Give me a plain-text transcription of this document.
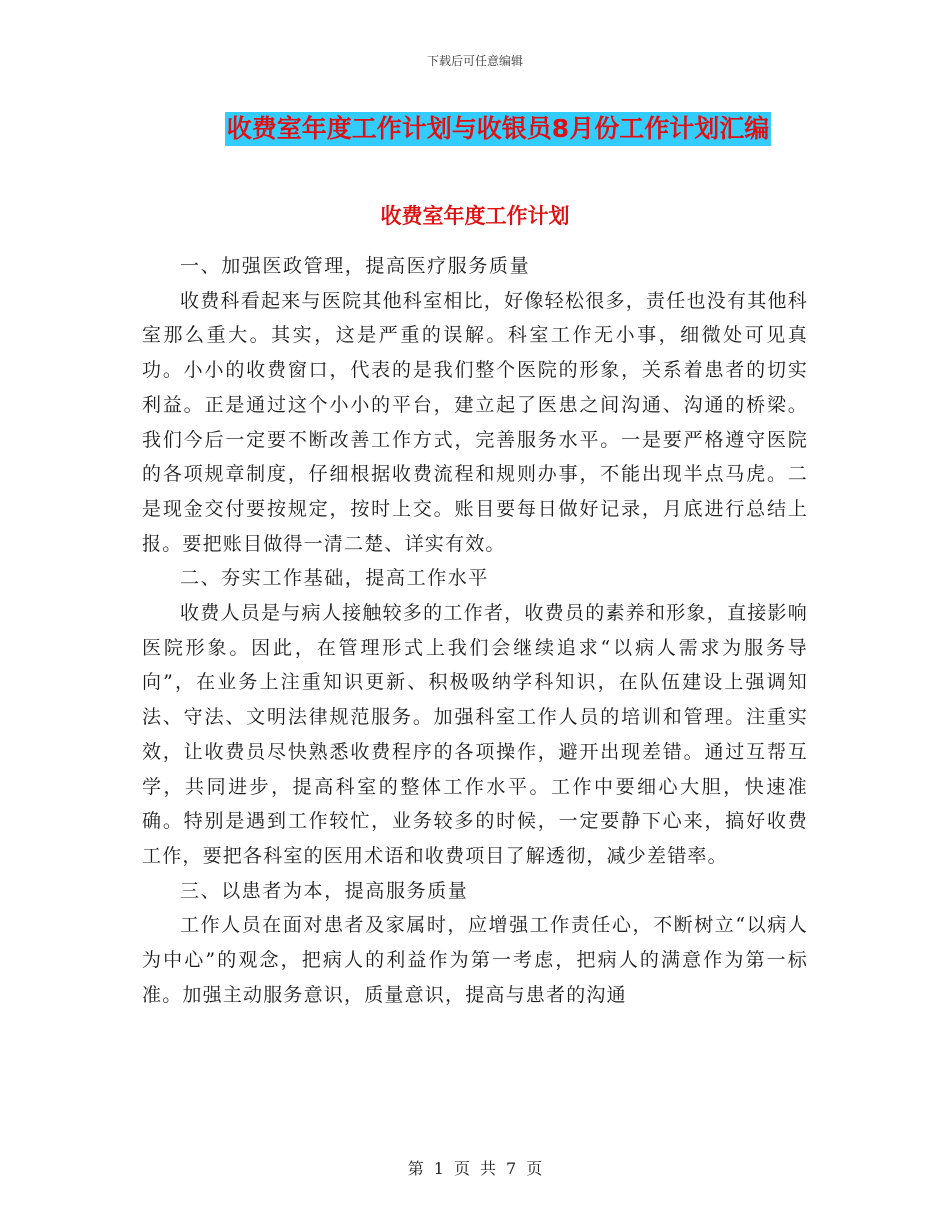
下载后可任意编辑
收费室年度工作计划与收银员8月份工作计划汇编
收费室年度工作计划

一、加强医政管理，提高医疗服务质量

收费科看起来与医院其他科室相比，好像轻松很多，责任也没有其他科室那么重大。其实，这是严重的误解。科室工作无小事，细微处可见真功。小小的收费窗口，代表的是我们整个医院的形象，关系着患者的切实利益。正是通过这个小小的平台，建立起了医患之间沟通、沟通的桥梁。我们今后一定要不断改善工作方式，完善服务水平。一是要严格遵守医院的各项规章制度，仔细根据收费流程和规则办事，不能出现半点马虎。二是现金交付要按规定，按时上交。账目要每日做好记录，月底进行总结上报。要把账目做得一清二楚、详实有效。

二、夯实工作基础，提高工作水平

收费人员是与病人接触较多的工作者，收费员的素养和形象，直接影响医院形象。因此，在管理形式上我们会继续追求“以病人需求为服务导向”，在业务上注重知识更新、积极吸纳学科知识，在队伍建设上强调知法、守法、文明法律规范服务。加强科室工作人员的培训和管理。注重实效，让收费员尽快熟悉收费程序的各项操作，避开出现差错。通过互帮互学，共同进步，提高科室的整体工作水平。工作中要细心大胆，快速准确。特别是遇到工作较忙，业务较多的时候，一定要静下心来，搞好收费工作，要把各科室的医用术语和收费项目了解透彻，减少差错率。

三、以患者为本，提高服务质量

工作人员在面对患者及家属时，应增强工作责任心，不断树立“以病人为中心”的观念，把病人的利益作为第一考虑，把病人的满意作为第一标准。加强主动服务意识，质量意识，提高与患者的沟通

第 1 页 共 7 页
